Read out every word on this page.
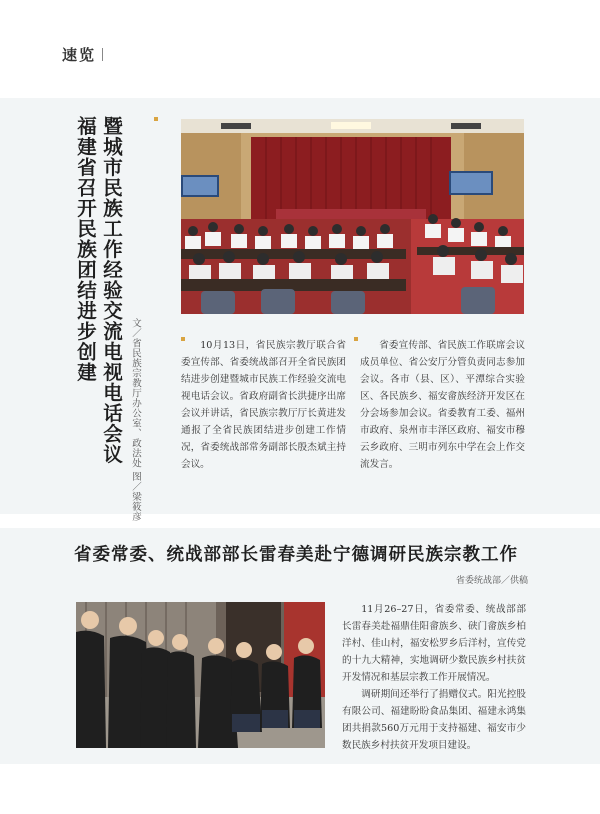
速览
福建省召开民族团结进步创建 暨城市民族工作经验交流电视电话会议 文／省民族宗教厅办公室、政法处 图／梁筱彦	10月13日，省民族宗教厅联合省委宣传部、省委统战部召开全省民族团结进步创建暨城市民族工作经验交流电视电话会议。省政府副省长洪捷序出席会议并讲话，省民族宗教厅厅长黄进发通报了全省民族团结进步创建工作情况，省委统战部常务副部长殷杰斌主持会议。

省委宣传部、省民族工作联席会议成员单位、省公安厅分管负责同志参加会议。各市（县、区）、平潭综合实验区、各民族乡、福安畲族经济开发区在分会场参加会议。省委教育工委、福州市政府、泉州市丰泽区政府、福安市穆云乡政府、三明市列东中学在会上作交流发言。

省委常委、统战部部长雷春美赴宁德调研民族宗教工作
省委统战部／供稿

11月26–27日，省委常委、统战部部长雷春美赴福鼎佳阳畲族乡、硖门畲族乡柏洋村、佳山村，福安松罗乡后洋村，宣传党的十九大精神，实地调研少数民族乡村扶贫开发情况和基层宗教工作开展情况。

调研期间还举行了捐赠仪式。阳光控股有限公司、福建盼盼食品集团、福建永鸿集团共捐款560万元用于支持福建、福安市少数民族乡村扶贫开发项目建设。
